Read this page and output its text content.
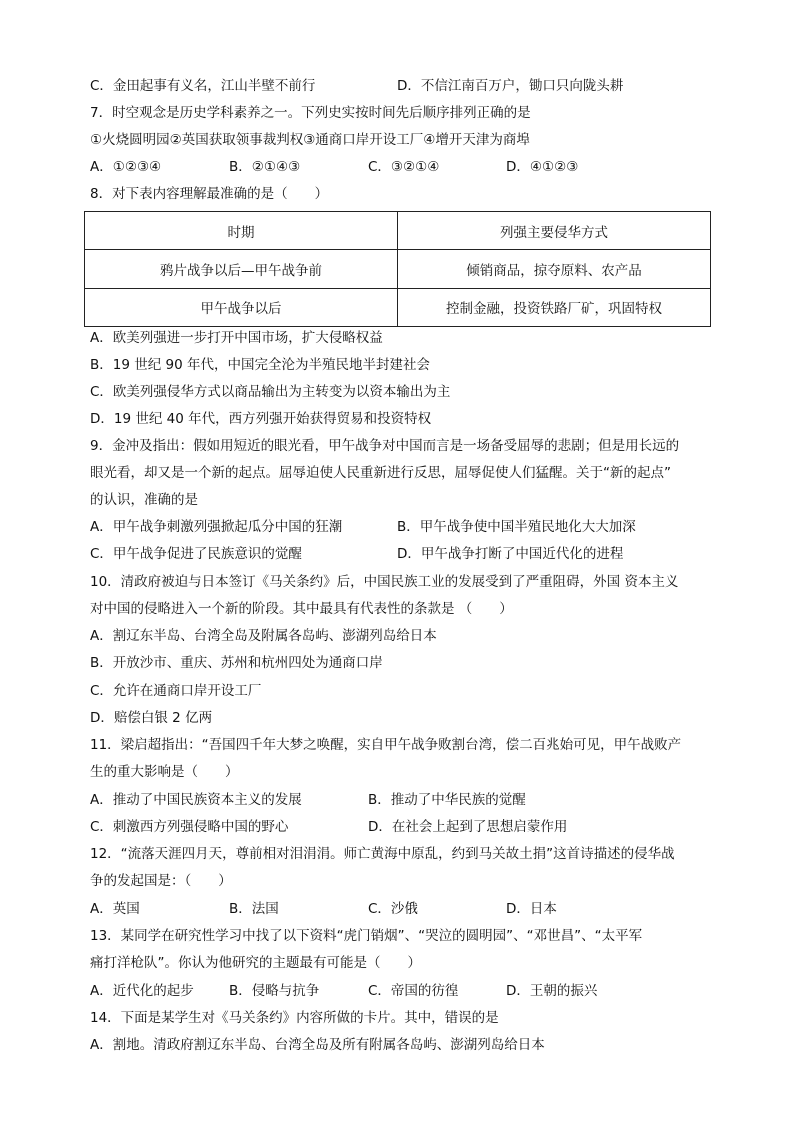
C．金田起事有义名，江山半壁不前行	D．不信江南百万户，锄口只向陇头耕
7．时空观念是历史学科素养之一。下列史实按时间先后顺序排列正确的是
①火烧圆明园②英国获取领事裁判权③通商口岸开设工厂④增开天津为商埠
A．①②③④	B．②①④③	C．③②①④	D．④①②③
8．对下表内容理解最准确的是（　　）
时期	列强主要侵华方式
鸦片战争以后—甲午战争前	倾销商品，掠夺原料、农产品
甲午战争以后	控制金融，投资铁路厂矿，巩固特权
A．欧美列强进一步打开中国市场，扩大侵略权益
B．19 世纪 90 年代，中国完全沦为半殖民地半封建社会
C．欧美列强侵华方式以商品输出为主转变为以资本输出为主
D．19 世纪 40 年代，西方列强开始获得贸易和投资特权
9．金冲及指出：假如用短近的眼光看，甲午战争对中国而言是一场备受屈辱的悲剧；但是用长远的
眼光看，却又是一个新的起点。屈辱迫使人民重新进行反思，屈辱促使人们猛醒。关于“新的起点”
的认识，准确的是
A．甲午战争刺激列强掀起瓜分中国的狂潮	B．甲午战争使中国半殖民地化大大加深
C．甲午战争促进了民族意识的觉醒	D．甲午战争打断了中国近代化的进程
10．清政府被迫与日本签订《马关条约》后，中国民族工业的发展受到了严重阻碍，外国 资本主义
对中国的侵略进入一个新的阶段。其中最具有代表性的条款是 （　　）
A．割辽东半岛、台湾全岛及附属各岛屿、澎湖列岛给日本
B．开放沙市、重庆、苏州和杭州四处为通商口岸
C．允许在通商口岸开设工厂
D．赔偿白银 2 亿两
11．梁启超指出：“吾国四千年大梦之唤醒，实自甲午战争败割台湾，偿二百兆始可见，甲午战败产
生的重大影响是（　　）
A．推动了中国民族资本主义的发展	B．推动了中华民族的觉醒
C．刺激西方列强侵略中国的野心	D．在社会上起到了思想启蒙作用
12．“流落天涯四月天，尊前相对泪涓涓。师亡黄海中原乱，约到马关故土捐”这首诗描述的侵华战
争的发起国是：（　　）
A．英国	B．法国	C．沙俄	D．日本
13．某同学在研究性学习中找了以下资料“虎门销烟”、“哭泣的圆明园”、“邓世昌”、“太平军
痛打洋枪队”。你认为他研究的主题最有可能是（　　）
A．近代化的起步	B．侵略与抗争	C．帝国的彷徨	D．王朝的振兴
14．下面是某学生对《马关条约》内容所做的卡片。其中，错误的是
A．割地。清政府割辽东半岛、台湾全岛及所有附属各岛屿、澎湖列岛给日本
